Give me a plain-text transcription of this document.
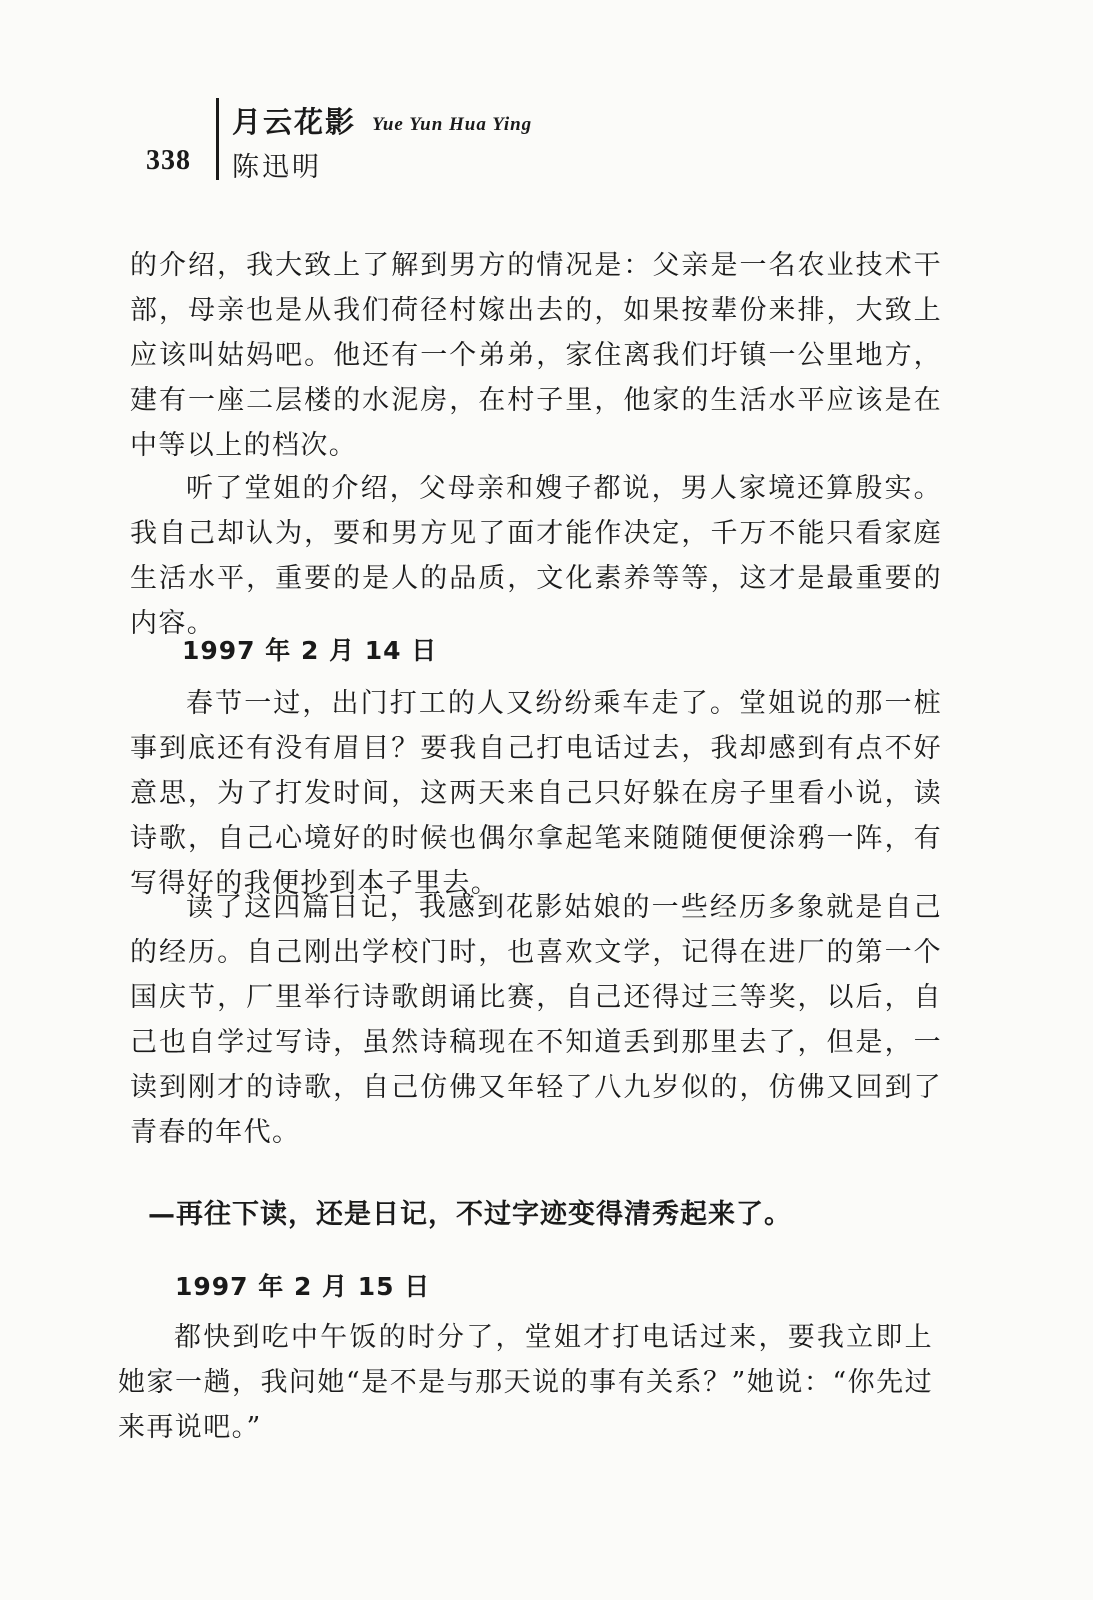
338
月云花影 Yue Yun Hua Ying
陈迅明

的介绍，我大致上了解到男方的情况是：父亲是一名农业技术干部，母亲也是从我们荷径村嫁出去的，如果按辈份来排，大致上应该叫姑妈吧。他还有一个弟弟，家住离我们圩镇一公里地方，建有一座二层楼的水泥房，在村子里，他家的生活水平应该是在中等以上的档次。

听了堂姐的介绍，父母亲和嫂子都说，男人家境还算殷实。我自己却认为，要和男方见了面才能作决定，千万不能只看家庭生活水平，重要的是人的品质，文化素养等等，这才是最重要的内容。

1997 年 2 月 14 日

春节一过，出门打工的人又纷纷乘车走了。堂姐说的那一桩事到底还有没有眉目？要我自己打电话过去，我却感到有点不好意思，为了打发时间，这两天来自己只好躲在房子里看小说，读诗歌，自己心境好的时候也偶尔拿起笔来随随便便涂鸦一阵，有写得好的我便抄到本子里去。

读了这四篇日记，我感到花影姑娘的一些经历多象就是自己的经历。自己刚出学校门时，也喜欢文学，记得在进厂的第一个国庆节，厂里举行诗歌朗诵比赛，自己还得过三等奖，以后，自己也自学过写诗，虽然诗稿现在不知道丢到那里去了，但是，一读到刚才的诗歌，自己仿佛又年轻了八九岁似的，仿佛又回到了青春的年代。

—再往下读，还是日记，不过字迹变得清秀起来了。
1997 年 2 月 15 日

都快到吃中午饭的时分了，堂姐才打电话过来，要我立即上她家一趟，我问她“是不是与那天说的事有关系？”她说：“你先过来再说吧。”
